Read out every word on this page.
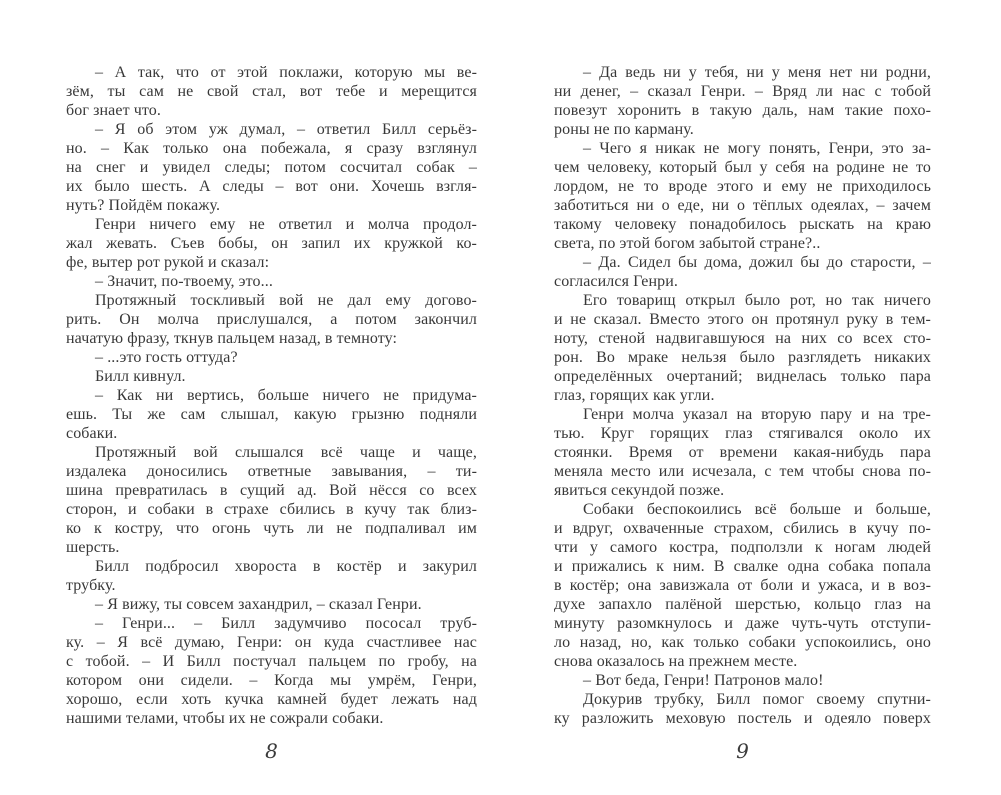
– А так, что от этой поклажи, которую мы ве-
зём, ты сам не свой стал, вот тебе и мерещится
бог знает что.
– Я об этом уж думал, – ответил Билл серьёз-
но. – Как только она побежала, я сразу взглянул
на снег и увидел следы; потом сосчитал собак –
их было шесть. А следы – вот они. Хочешь взгля-
нуть? Пойдём покажу.
Генри ничего ему не ответил и молча продол-
жал жевать. Съев бобы, он запил их кружкой ко-
фе, вытер рот рукой и сказал:
– Значит, по-твоему, это...
Протяжный тоскливый вой не дал ему догово-
рить. Он молча прислушался, а потом закончил
начатую фразу, ткнув пальцем назад, в темноту:
– ...это гость оттуда?
Билл кивнул.
– Как ни вертись, больше ничего не придума-
ешь. Ты же сам слышал, какую грызню подняли
собаки.
Протяжный вой слышался всё чаще и чаще,
издалека доносились ответные завывания, – ти-
шина превратилась в сущий ад. Вой нёсся со всех
сторон, и собаки в страхе сбились в кучу так близ-
ко к костру, что огонь чуть ли не подпаливал им
шерсть.
Билл подбросил хвороста в костёр и закурил
трубку.
– Я вижу, ты совсем захандрил, – сказал Генри.
– Генри... – Билл задумчиво пососал труб-
ку. – Я всё думаю, Генри: он куда счастливее нас
с тобой. – И Билл постучал пальцем по гробу, на
котором они сидели. – Когда мы умрём, Генри,
хорошо, если хоть кучка камней будет лежать над
нашими телами, чтобы их не сожрали собаки.
8
– Да ведь ни у тебя, ни у меня нет ни родни,
ни денег, – сказал Генри. – Вряд ли нас с тобой
повезут хоронить в такую даль, нам такие похо-
роны не по карману.
– Чего я никак не могу понять, Генри, это за-
чем человеку, который был у себя на родине не то
лордом, не то вроде этого и ему не приходилось
заботиться ни о еде, ни о тёплых одеялах, – зачем
такому человеку понадобилось рыскать на краю
света, по этой богом забытой стране?..
– Да. Сидел бы дома, дожил бы до старости, –
согласился Генри.
Его товарищ открыл было рот, но так ничего
и не сказал. Вместо этого он протянул руку в тем-
ноту, стеной надвигавшуюся на них со всех сто-
рон. Во мраке нельзя было разглядеть никаких
определённых очертаний; виднелась только пара
глаз, горящих как угли.
Генри молча указал на вторую пару и на тре-
тью. Круг горящих глаз стягивался около их
стоянки. Время от времени какая-нибудь пара
меняла место или исчезала, с тем чтобы снова по-
явиться секундой позже.
Собаки беспокоились всё больше и больше,
и вдруг, охваченные страхом, сбились в кучу по-
чти у самого костра, подползли к ногам людей
и прижались к ним. В свалке одна собака попала
в костёр; она завизжала от боли и ужаса, и в воз-
духе запахло палёной шерстью, кольцо глаз на
минуту разомкнулось и даже чуть-чуть отступи-
ло назад, но, как только собаки успокоились, оно
снова оказалось на прежнем месте.
– Вот беда, Генри! Патронов мало!
Докурив трубку, Билл помог своему спутни-
ку разложить меховую постель и одеяло поверх
9
